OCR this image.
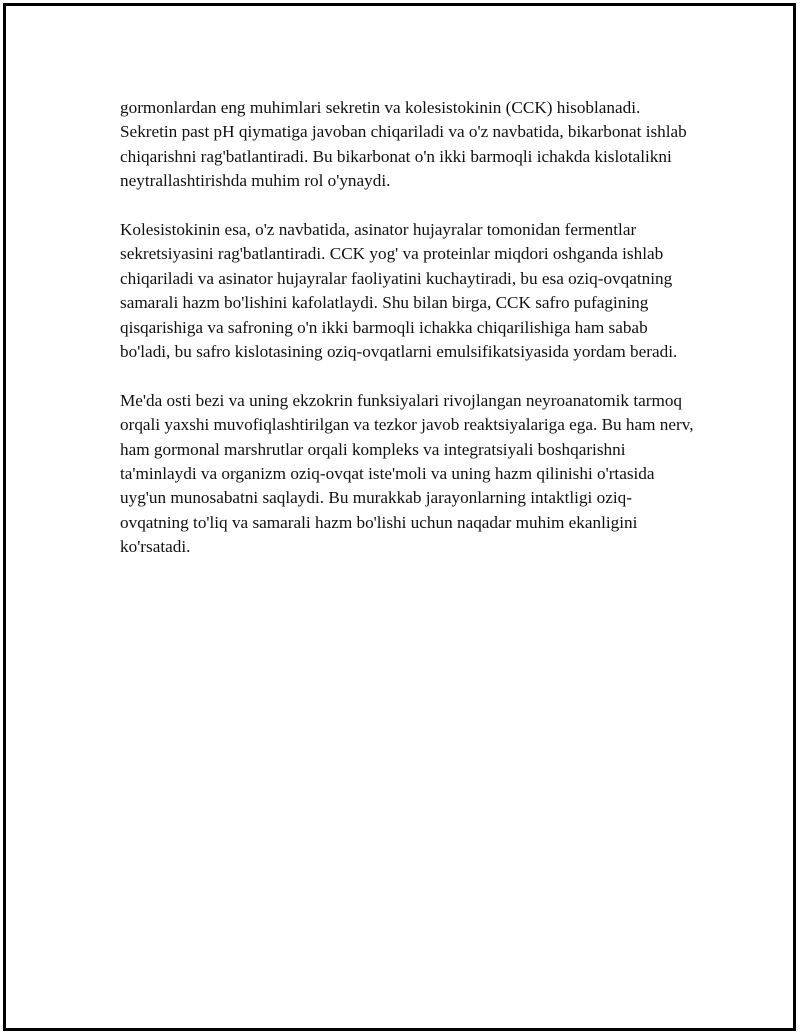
gormonlardan eng muhimlari sekretin va kolesistokinin (CCK) hisoblanadi. Sekretin past pH qiymatiga javoban chiqariladi va o'z navbatida, bikarbonat ishlab chiqarishni rag'batlantiradi. Bu bikarbonat o'n ikki barmoqli ichakda kislotalikni neytrallashtirishda muhim rol o'ynaydi.

Kolesistokinin esa, o'z navbatida, asinator hujayralar tomonidan fermentlar sekretsiyasini rag'batlantiradi. CCK yog' va proteinlar miqdori oshganda ishlab chiqariladi va asinator hujayralar faoliyatini kuchaytiradi, bu esa oziq-ovqatning samarali hazm bo'lishini kafolatlaydi. Shu bilan birga, CCK safro pufagining qisqarishiga va safroning o'n ikki barmoqli ichakka chiqarilishiga ham sabab bo'ladi, bu safro kislotasining oziq-ovqatlarni emulsifikatsiyasida yordam beradi.

Me'da osti bezi va uning ekzokrin funksiyalari rivojlangan neyroanatomik tarmoq orqali yaxshi muvofiqlashtirilgan va tezkor javob reaktsiyalariga ega. Bu ham nerv, ham gormonal marshrutlar orqali kompleks va integratsiyali boshqarishni ta'minlaydi va organizm oziq-ovqat iste'moli va uning hazm qilinishi o'rtasida uyg'un munosabatni saqlaydi. Bu murakkab jarayonlarning intaktligi oziq-ovqatning to'liq va samarali hazm bo'lishi uchun naqadar muhim ekanligini ko'rsatadi.
